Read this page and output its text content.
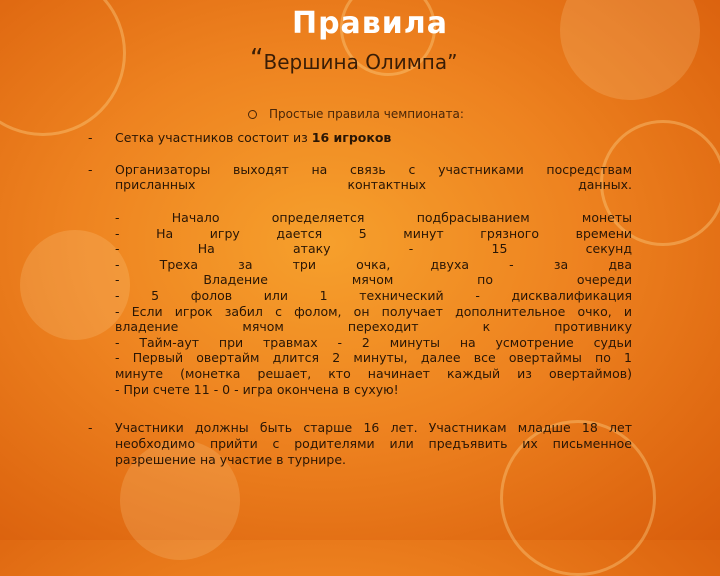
Правила
“Вершина Олимпа”
Простые правила чемпионата:
- Сетка участников состоит из 16 игроков
- Организаторы выходят на связь с участниками посредствам
присланных контактных данных.
- Начало определяется подбрасыванием монеты
- На игру дается 5 минут грязного времени
- На атаку - 15 секунд
- Треха за три очка, двуха - за два
- Владение мячом по очереди
- 5 фолов или 1 технический - дисквалификация
- Если игрок забил с фолом, он получает дополнительное очко, и
владение мячом переходит к противнику
- Тайм-аут при травмах - 2 минуты на усмотрение судьи
- Первый овертайм длится 2 минуты, далее все овертаймы по 1
минуте (монетка решает, кто начинает каждый из овертаймов)
- При счете 11 - 0 - игра окончена в сухую!
- Участники должны быть старше 16 лет. Участникам младше 18 лет
необходимо прийти с родителями или предъявить их письменное
разрешение на участие в турнире.
